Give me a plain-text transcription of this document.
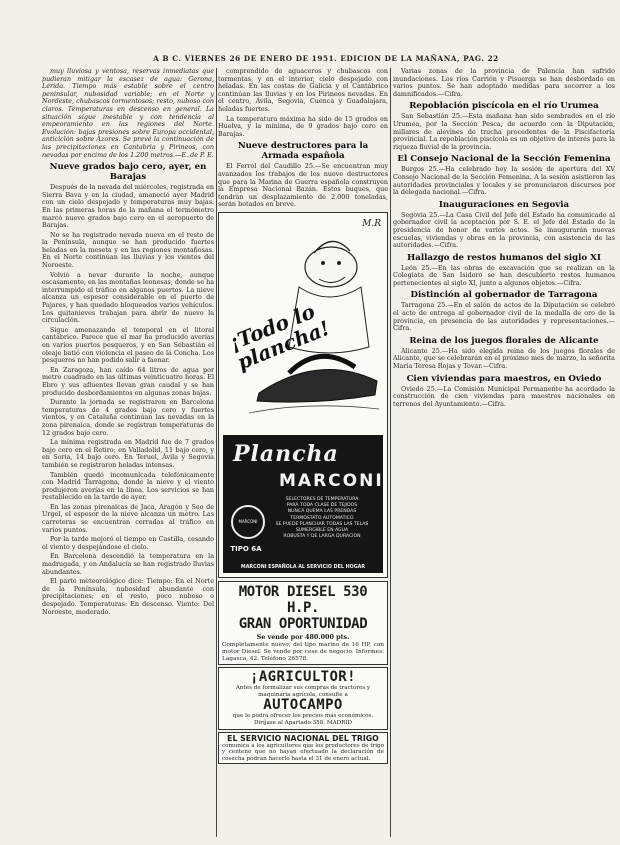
A B C. VIERNES 26 DE ENERO DE 1951. EDICION DE LA MAÑANA, PAG. 22

muy lluviosa y ventosa, reservas inmediatas que pudieran mitigar la escasez de agua: Gerona, Lérida. Tiempo más estable sobre el centro peninsular, nubosidad variable; en el Norte y Nordeste, chubascos tormentosos; resto, nuboso con claros. Temperaturas en descenso en general. La situación sigue inestable y con tendencia al empeoramiento en las regiones del Norte. Evolución: bajas presiones sobre Europa occidental, anticiclón sobre Azores. Se prevé la continuación de las precipitaciones en Cantabria y Pirineos, con nevadas por encima de los 1.200 metros.—E. de P. E.

Nueve grados bajo cero, ayer, en Barajas

Después de la nevada del miércoles, registrada en Sierra Bava y en la ciudad, amaneció ayer Madrid con un cielo despejado y temperaturas muy bajas. En las primeras horas de la mañana el termómetro marcó nueve grados bajo cero en el aeropuerto de Barajas.

No se ha registrado nevada nueva en el resto de la Península, aunque se han producido fuertes heladas en la meseta y en las regiones montañosas. En el Norte continúan las lluvias y los vientos del Noroeste.

Volvió a nevar durante la noche, aunque escasamente, en las montañas leonesas, donde se ha interrumpido el tráfico en algunos puertos. La nieve alcanza un espesor considerable en el puerto de Pajares, y han quedado bloqueados varios vehículos. Los quitanieves trabajan para abrir de nuevo la circulación.

Sigue amenazando el temporal en el litoral cantábrico. Parece que el mar ha producido averías en varios puertos pesqueros, y en San Sebastián el oleaje batió con violencia el paseo de la Concha. Los pesqueros no han podido salir a faenar.

En Zaragoza, han caído 64 litros de agua por metro cuadrado en las últimas veinticuatro horas. El Ebro y sus afluentes llevan gran caudal y se han producido desbordamientos en algunas zonas bajas.

Durante la jornada se registraron en Barcelona temperaturas de 4 grados bajo cero y fuertes vientos, y en Cataluña continúan las nevadas en la zona pirenaica, donde se registran temperaturas de 12 grados bajo cero.

La mínima registrada en Madrid fue de 7 grados bajo cero en el Retiro; en Valladolid, 11 bajo cero, y en Soria, 14 bajo cero. En Teruel, Ávila y Segovia también se registraron heladas intensas.

También quedó incomunicada telefónicamente con Madrid Tarragona, donde la nieve y el viento produjeron averías en la línea. Los servicios se han restablecido en la tarde de ayer.

En las zonas pirenaicas de Jaca, Aragón y Seo de Urgel, el espesor de la nieve alcanza un metro. Las carreteras se encuentran cerradas al tráfico en varios puntos.

Por la tarde mejoró el tiempo en Castilla, cesando el viento y despejándose el cielo.

En Barcelona descendió la temperatura en la madrugada, y en Andalucía se han registrado lluvias abundantes.

El parte meteorológico dice: Tiempo: En el Norte de la Península, nubosidad abundante con precipitaciones; en el resto, poco nuboso o despejado. Temperaturas: En descenso. Viento: Del Noroeste, moderado.

comprendido de aguaceros y chubascos con tormentas, y en el interior, cielo despejado con heladas. En las costas de Galicia y el Cantábrico continúan las lluvias y en los Pirineos nevadas. En el centro, Ávila, Segovia, Cuenca y Guadalajara, heladas fuertes.

La temperatura máxima ha sido de 15 grados en Huelva, y la mínima, de 9 grados bajo cero en Barajas.

Nueve destructores para la Armada española

El Ferrol del Caudillo 25.—Se encuentran muy avanzados los trabajos de los nueve destructores que para la Marina de Guerra española construyen la Empresa Nacional Bazán. Estos buques, que tendrán un desplazamiento de 2.000 toneladas, serán botados en breve.

M.R
¡Todo lo plancha!
Plancha
MARCONI
MARCONI
TIPO 6A
SELECTORES DE TEMPERATURA
PARA TODA CLASE DE TEJIDOS
NUNCA QUEMA LAS PRENDAS
TERMOSTATO AUTOMATICO
SE PUEDE PLANCHAR TODAS LAS TELAS
SUMERGIBLE EN AGUA
ROBUSTA Y DE LARGA DURACION
MARCONI ESPAÑOLA AL SERVICIO DEL HOGAR
MOTOR DIESEL 530 H.P.
GRAN OPORTUNIDAD
Se vende por 480.000 pts.
Completamente nuevo, del tipo marino de 16 HP, con motor Diesel. Se vende por cese de negocio. Informes: Lagasca, 42. Teléfono 26578.
¡AGRICULTOR!
Antes de formalizar sus compras de tractores y maquinaria agrícola, consulte a
AUTOCAMPO
que le podrá ofrecer los precios más económicos. Diríjase al Apartado 358. MADRID
EL SERVICIO NACIONAL DEL TRIGO
comunica a los agricultores que los productores de trigo y centeno que no hayan efectuado la declaración de cosecha podrán hacerlo hasta el 31 de enero actual.

Varias zonas de la provincia de Palencia han sufrido inundaciones. Los ríos Carrión y Pisuerga se han desbordado en varios puntos. Se han adoptado medidas para socorrer a los damnificados.—Cifra.

Repoblación piscícola en el río Urumea

San Sebastián 25.—Esta mañana han sido sembrados en el río Urumea, por la Sección Pesca, de acuerdo con la Diputación, millares de alevines de trucha procedentes de la Piscifactoría provincial. La repoblación piscícola es un objetivo de interés para la riqueza fluvial de la provincia.

El Consejo Nacional de la Sección Femenina

Burgos 25.—Ha celebrado hoy la sesión de apertura del XV Consejo Nacional de la Sección Femenina. A la sesión asistieron las autoridades provinciales y locales y se pronunciaron discursos por la delegada nacional.—Cifra.

Inauguraciones en Segovia

Segovia 25.—La Casa Civil del Jefe del Estado ha comunicado al gobernador civil la aceptación por S. E. el Jefe del Estado de la presidencia de honor de varios actos. Se inaugurarán nuevas escuelas, viviendas y obras en la provincia, con asistencia de las autoridades.—Cifra.

Hallazgo de restos humanos del siglo XI

León 25.—En las obras de excavación que se realizan en la Colegiata de San Isidoro se han descubierto restos humanos pertenecientes al siglo XI, junto a algunos objetos.—Cifra.

Distinción al gobernador de Tarragona

Tarragona 25.—En el salón de actos de la Diputación se celebró el acto de entrega al gobernador civil de la medalla de oro de la provincia, en presencia de las autoridades y representaciones.—Cifra.

Reina de los juegos florales de Alicante

Alicante 25.—Ha sido elegida reina de los juegos florales de Alicante, que se celebrarán en el próximo mes de marzo, la señorita María Teresa Rojas y Tovar.—Cifra.

Cien viviendas para maestros, en Oviedo

Oviedo 25.—La Comisión Municipal Permanente ha acordado la construcción de cien viviendas para maestros nacionales en terrenos del Ayuntamiento.—Cifra.
